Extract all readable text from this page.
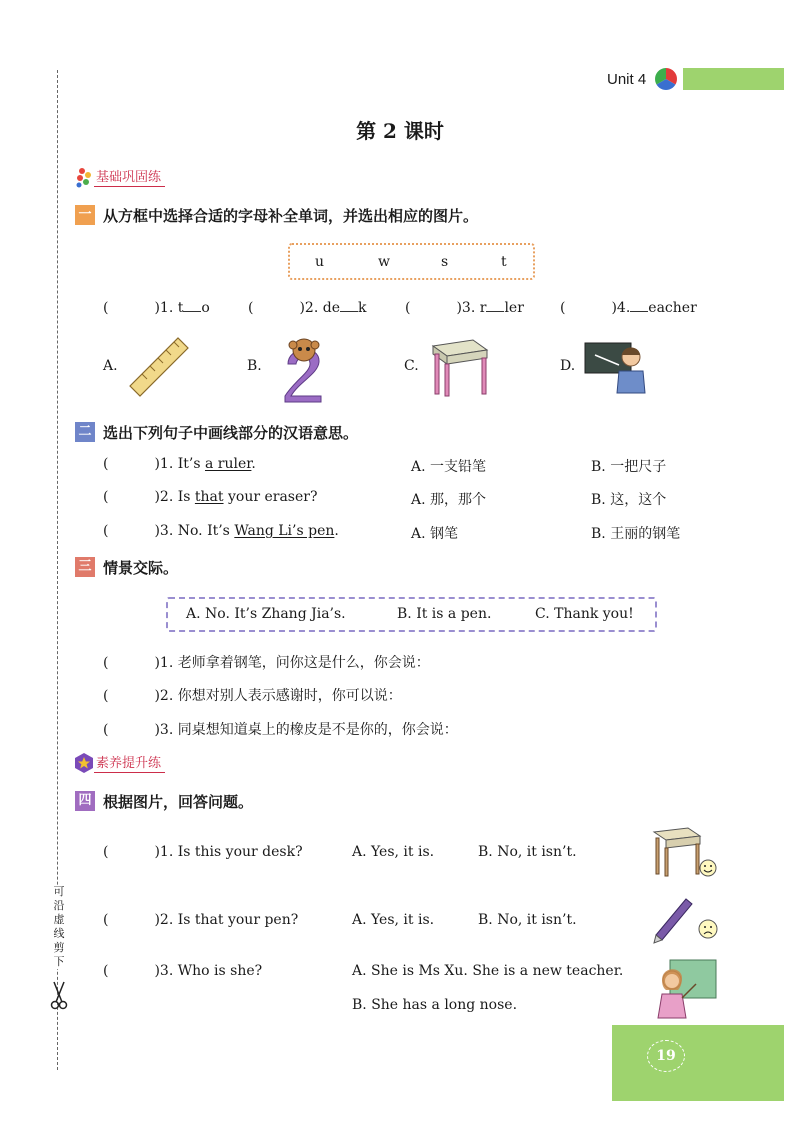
可沿虚线剪下
Unit 4
第 2 课时
基础巩固练
一 从方框中选择合适的字母补全单词，并选出相应的图片。
u	w	s	t
(	)1. t o	(	)2. de k	(	)3. r ler	(	)4. eacher
A.	B.	C.	D.
二 选出下列句子中画线部分的汉语意思。
(	)1. It’s a ruler.	A. 一支铅笔	B. 一把尺子
(	)2. Is that your eraser?	A. 那，那个	B. 这，这个
(	)3. No. It’s Wang Li’s pen.	A. 钢笔	B. 王丽的钢笔
三 情景交际。
A. No. It’s Zhang Jia’s.	B. It is a pen.	C. Thank you!
(	)1. 老师拿着钢笔，问你这是什么，你会说：
(	)2. 你想对别人表示感谢时，你可以说：
(	)3. 同桌想知道桌上的橡皮是不是你的，你会说：
素养提升练
四 根据图片，回答问题。
(	)1. Is this your desk?	A. Yes, it is.	B. No, it isn’t.
(	)2. Is that your pen?	A. Yes, it is.	B. No, it isn’t.
(	)3. Who is she?	A. She is Ms Xu. She is a new teacher.
B. She has a long nose.
19
